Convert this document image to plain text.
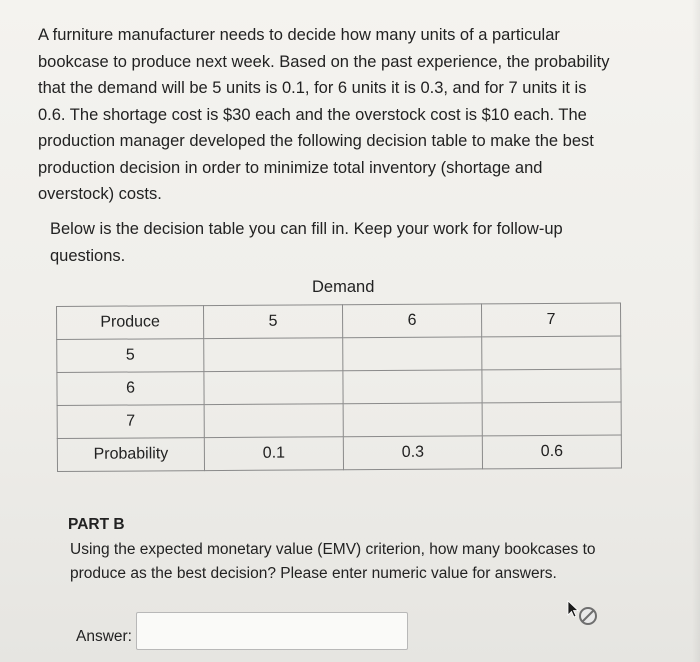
A furniture manufacturer needs to decide how many units of a particular

bookcase to produce next week. Based on the past experience, the probability

that the demand will be 5 units is 0.1, for 6 units it is 0.3, and for 7 units it is

0.6. The shortage cost is $30 each and the overstock cost is $10 each. The

production manager developed the following decision table to make the best

production decision in order to minimize total inventory (shortage and

overstock) costs.

Below is the decision table you can fill in. Keep your work for follow-up
questions.
Demand
Produce	5	6	7
5			
6			
7			
Probability	0.1	0.3	0.6
PART B
Using the expected monetary value (EMV) criterion, how many bookcases to
produce as the best decision? Please enter numeric value for answers.
Answer:
